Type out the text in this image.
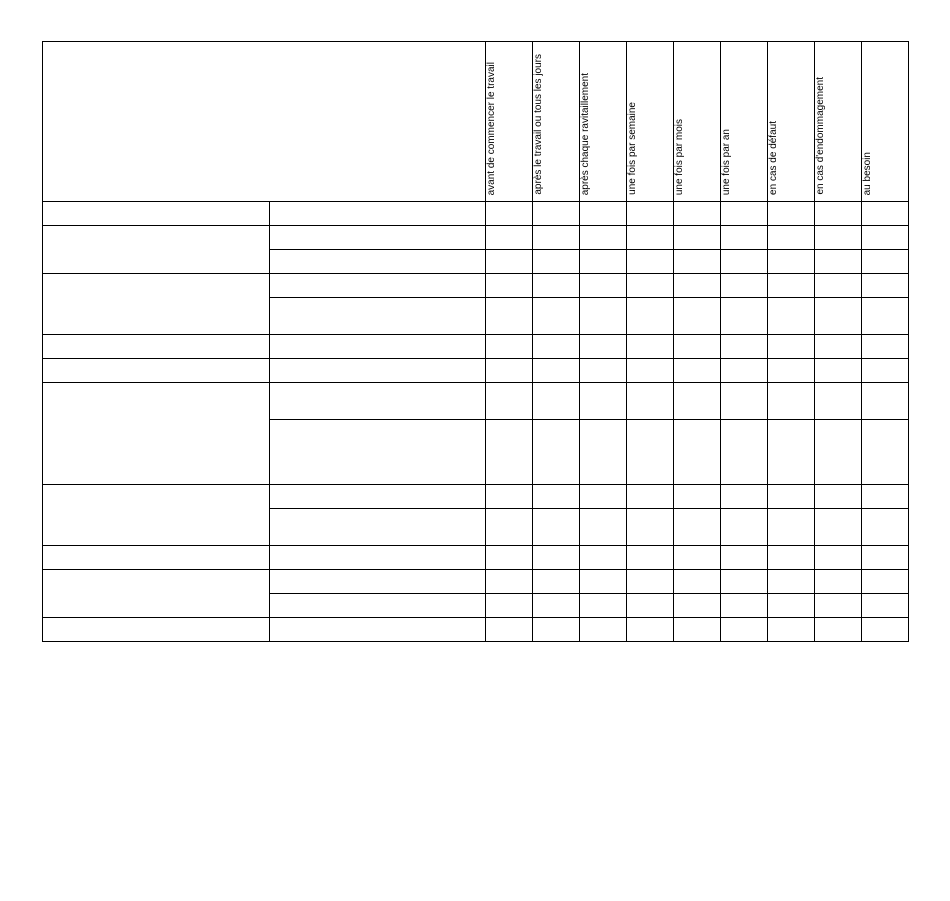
		avant de commencer le travail	après le travail ou tous les jours	après chaque ravitaillement	une fois par semaine	une fois par mois	une fois par an	en cas de défaut	en cas d'endommagement	au besoin
